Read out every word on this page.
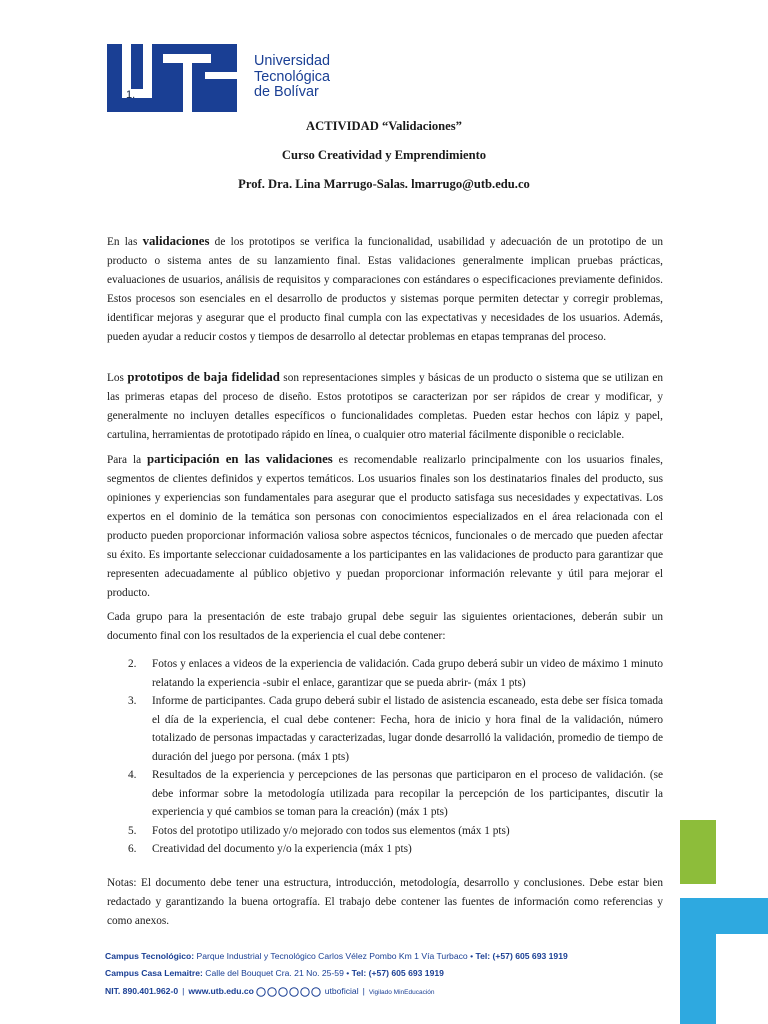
1.
Universidad
Tecnológica
de Bolívar
ACTIVIDAD “Validaciones”
Curso Creatividad y Emprendimiento
Prof. Dra. Lina Marrugo-Salas. lmarrugo@utb.edu.co

En las validaciones de los prototipos se verifica la funcionalidad, usabilidad y adecuación de un prototipo de un producto o sistema antes de su lanzamiento final. Estas validaciones generalmente implican pruebas prácticas, evaluaciones de usuarios, análisis de requisitos y comparaciones con estándares o especificaciones previamente definidos. Estos procesos son esenciales en el desarrollo de productos y sistemas porque permiten detectar y corregir problemas, identificar mejoras y asegurar que el producto final cumpla con las expectativas y necesidades de los usuarios. Además, pueden ayudar a reducir costos y tiempos de desarrollo al detectar problemas en etapas tempranas del proceso.

Los prototipos de baja fidelidad son representaciones simples y básicas de un producto o sistema que se utilizan en las primeras etapas del proceso de diseño. Estos prototipos se caracterizan por ser rápidos de crear y modificar, y generalmente no incluyen detalles específicos o funcionalidades completas. Pueden estar hechos con lápiz y papel, cartulina, herramientas de prototipado rápido en línea, o cualquier otro material fácilmente disponible o reciclable.

Para la participación en las validaciones es recomendable realizarlo principalmente con los usuarios finales, segmentos de clientes definidos y expertos temáticos. Los usuarios finales son los destinatarios finales del producto, sus opiniones y experiencias son fundamentales para asegurar que el producto satisfaga sus necesidades y expectativas. Los expertos en el dominio de la temática son personas con conocimientos especializados en el área relacionada con el producto pueden proporcionar información valiosa sobre aspectos técnicos, funcionales o de mercado que pueden afectar su éxito. Es importante seleccionar cuidadosamente a los participantes en las validaciones de producto para garantizar que representen adecuadamente al público objetivo y puedan proporcionar información relevante y útil para mejorar el producto.

Cada grupo para la presentación de este trabajo grupal debe seguir las siguientes orientaciones, deberán subir un documento final con los resultados de la experiencia el cual debe contener:

2. Fotos y enlaces a videos de la experiencia de validación. Cada grupo deberá subir un video de máximo 1 minuto relatando la experiencia -subir el enlace, garantizar que se pueda abrir- (máx 1 pts)
3. Informe de participantes. Cada grupo deberá subir el listado de asistencia escaneado, esta debe ser física tomada el día de la experiencia, el cual debe contener: Fecha, hora de inicio y hora final de la validación, número totalizado de personas impactadas y caracterizadas, lugar donde desarrolló la validación, promedio de tiempo de duración del juego por persona. (máx 1 pts)
4. Resultados de la experiencia y percepciones de las personas que participaron en el proceso de validación. (se debe informar sobre la metodología utilizada para recopilar la percepción de los participantes, discutir la experiencia y qué cambios se toman para la creación) (máx 1 pts)
5. Fotos del prototipo utilizado y/o mejorado con todos sus elementos (máx 1 pts)
6. Creatividad del documento y/o la experiencia (máx 1 pts)

Notas: El documento debe tener una estructura, introducción, metodología, desarrollo y conclusiones. Debe estar bien redactado y garantizando la buena ortografía. El trabajo debe contener las fuentes de información como referencias y como anexos.

Campus Tecnológico: Parque Industrial y Tecnológico Carlos Vélez Pombo Km 1 Vía Turbaco • Tel: (+57) 605 693 1919
Campus Casa Lemaitre: Calle del Bouquet Cra. 21 No. 25-59 • Tel: (+57) 605 693 1919
NIT. 890.401.962-0 | www.utb.edu.co	utboficial | Vigilado MinEducación
